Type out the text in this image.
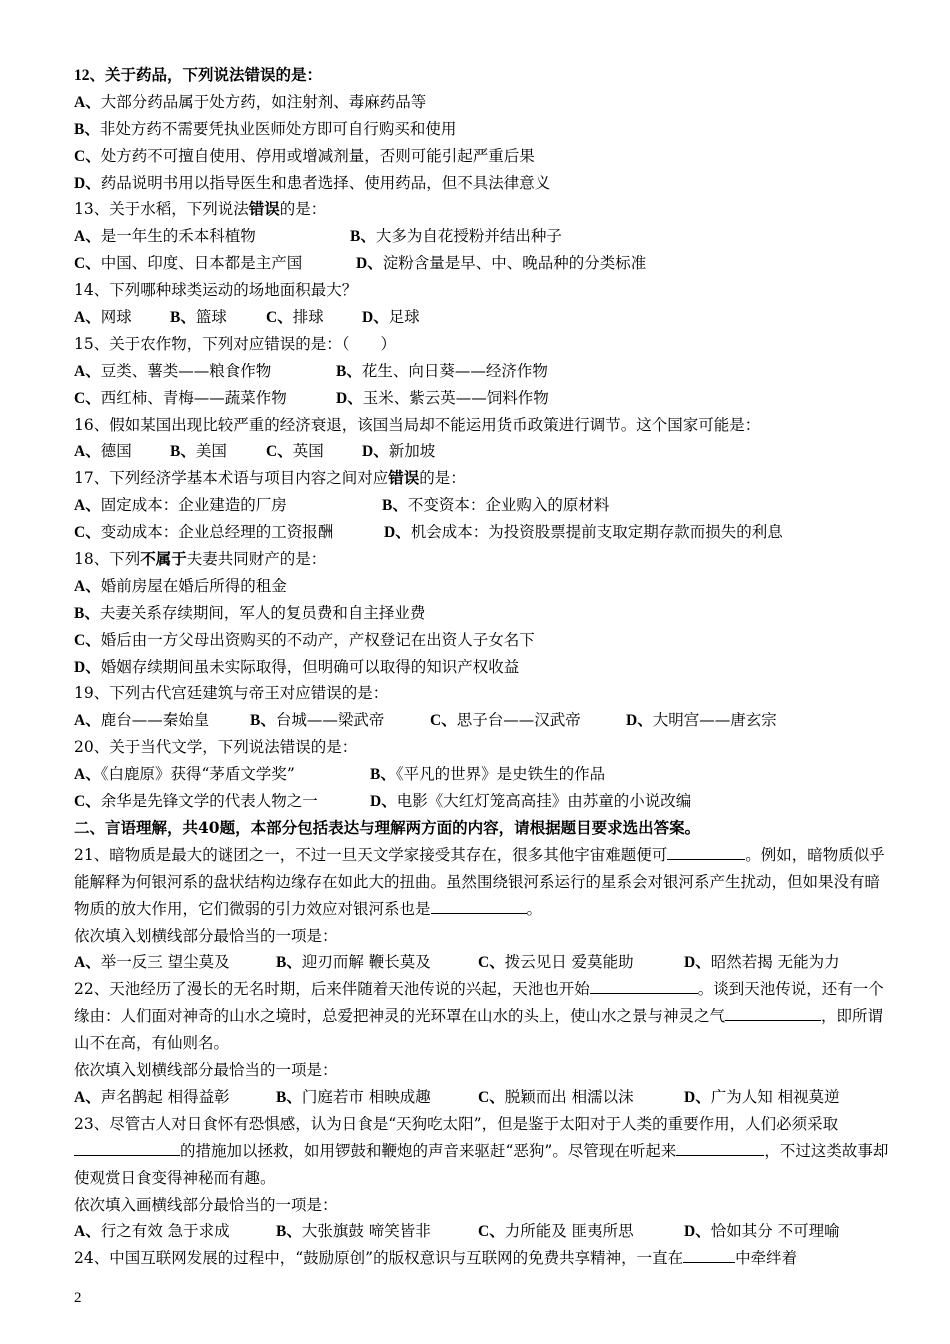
12、关于药品，下列说法错误的是：
A、大部分药品属于处方药，如注射剂、毒麻药品等
B、非处方药不需要凭执业医师处方即可自行购买和使用
C、处方药不可擅自使用、停用或增减剂量，否则可能引起严重后果
D、药品说明书用以指导医生和患者选择、使用药品，但不具法律意义
13、关于水稻，下列说法错误的是：
A、是一年生的禾本科植物	B、大多为自花授粉并结出种子
C、中国、印度、日本都是主产国	D、淀粉含量是早、中、晚品种的分类标准
14、下列哪种球类运动的场地面积最大？
A、网球 B、篮球	C、排球 D、足球
15、关于农作物，下列对应错误的是：（　　）
A、豆类、薯类——粮食作物	B、花生、向日葵——经济作物
C、西红柿、青梅——蔬菜作物	D、玉米、紫云英——饲料作物
16、假如某国出现比较严重的经济衰退，该国当局却不能运用货币政策进行调节。这个国家可能是：
A、德国 B、美国	C、英国 D、新加坡
17、下列经济学基本术语与项目内容之间对应错误的是：
A、固定成本：企业建造的厂房	B、不变资本：企业购入的原材料
C、变动成本：企业总经理的工资报酬	D、机会成本：为投资股票提前支取定期存款而损失的利息
18、下列不属于夫妻共同财产的是：
A、婚前房屋在婚后所得的租金
B、夫妻关系存续期间，军人的复员费和自主择业费
C、婚后由一方父母出资购买的不动产，产权登记在出资人子女名下
D、婚姻存续期间虽未实际取得，但明确可以取得的知识产权收益
19、下列古代宫廷建筑与帝王对应错误的是：
A、鹿台——秦始皇	B、台城——梁武帝	C、思子台——汉武帝	D、大明宫——唐玄宗
20、关于当代文学，下列说法错误的是：
A、《白鹿原》获得“茅盾文学奖”	B、《平凡的世界》是史铁生的作品
C、余华是先锋文学的代表人物之一	D、电影《大红灯笼高高挂》由苏童的小说改编
二、言语理解，共40题，本部分包括表达与理解两方面的内容，请根据题目要求选出答案。
21、暗物质是最大的谜团之一，不过一旦天文学家接受其存在，很多其他宇宙难题便可	。例如，暗物质似乎能解释为何银河系的盘状结构边缘存在如此大的扭曲。虽然围绕银河系运行的星系会对银河系产生扰动，但如果没有暗物质的放大作用，它们微弱的引力效应对银河系也是	。
依次填入划横线部分最恰当的一项是：
A、举一反三 望尘莫及	B、迎刃而解 鞭长莫及	C、拨云见日 爱莫能助	D、昭然若揭 无能为力
22、天池经历了漫长的无名时期，后来伴随着天池传说的兴起，天池也开始	。谈到天池传说，还有一个缘由：人们面对神奇的山水之境时，总爱把神灵的光环罩在山水的头上，使山水之景与神灵之气	，即所谓山不在高，有仙则名。
依次填入划横线部分最恰当的一项是：
A、声名鹊起 相得益彰	B、门庭若市 相映成趣	C、脱颖而出 相濡以沫	D、广为人知 相视莫逆
23、尽管古人对日食怀有恐惧感，认为日食是“天狗吃太阳”，但是鉴于太阳对于人类的重要作用，人们必须采取的措施加以拯救，如用锣鼓和鞭炮的声音来驱赶“恶狗”。尽管现在听起来	，不过这类故事却使观赏日食变得神秘而有趣。
依次填入画横线部分最恰当的一项是：
A、行之有效 急于求成	B、大张旗鼓 啼笑皆非	C、力所能及 匪夷所思	D、恰如其分 不可理喻
24、中国互联网发展的过程中，“鼓励原创”的版权意识与互联网的免费共享精神，一直在	中牵绊着
2
